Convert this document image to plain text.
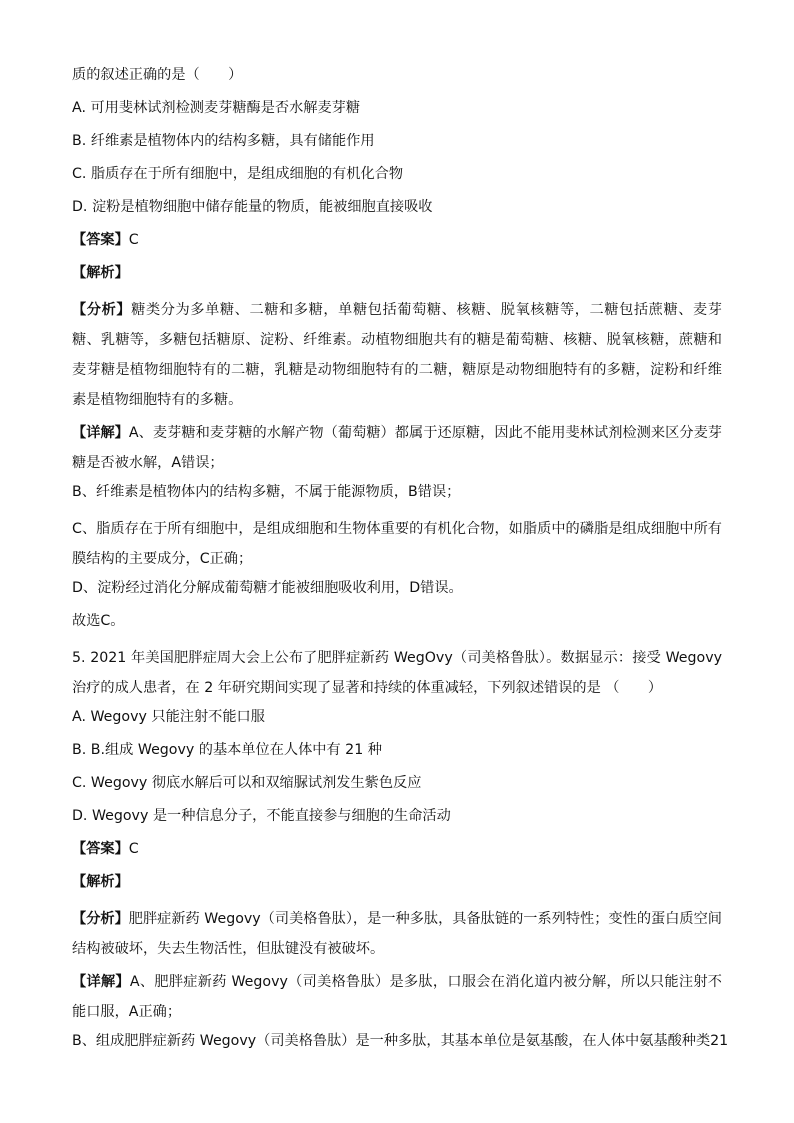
质的叙述正确的是（　　）
A. 可用斐林试剂检测麦芽糖酶是否水解麦芽糖
B. 纤维素是植物体内的结构多糖，具有储能作用
C. 脂质存在于所有细胞中，是组成细胞的有机化合物
D. 淀粉是植物细胞中储存能量的物质，能被细胞直接吸收
【答案】C
【解析】
【分析】糖类分为多单糖、二糖和多糖，单糖包括葡萄糖、核糖、脱氧核糖等，二糖包括蔗糖、麦芽糖、乳糖等，多糖包括糖原、淀粉、纤维素。动植物细胞共有的糖是葡萄糖、核糖、脱氧核糖，蔗糖和麦芽糖是植物细胞特有的二糖，乳糖是动物细胞特有的二糖，糖原是动物细胞特有的多糖，淀粉和纤维素是植物细胞特有的多糖。
【详解】A、麦芽糖和麦芽糖的水解产物（葡萄糖）都属于还原糖，因此不能用斐林试剂检测来区分麦芽糖是否被水解，A错误；
B、纤维素是植物体内的结构多糖，不属于能源物质，B错误；
C、脂质存在于所有细胞中，是组成细胞和生物体重要的有机化合物，如脂质中的磷脂是组成细胞中所有膜结构的主要成分，C正确；
D、淀粉经过消化分解成葡萄糖才能被细胞吸收利用，D错误。
故选C。
5. 2021 年美国肥胖症周大会上公布了肥胖症新药 WegOvy（司美格鲁肽）。数据显示：接受 Wegovy 治疗的成人患者，在 2 年研究期间实现了显著和持续的体重减轻，下列叙述错误的是 （　　）
A. Wegovy 只能注射不能口服
B. B.组成 Wegovy 的基本单位在人体中有 21 种
C. Wegovy 彻底水解后可以和双缩脲试剂发生紫色反应
D. Wegovy 是一种信息分子，不能直接参与细胞的生命活动
【答案】C
【解析】
【分析】肥胖症新药 Wegovy（司美格鲁肽），是一种多肽，具备肽链的一系列特性；变性的蛋白质空间结构被破坏，失去生物活性，但肽键没有被破坏。
【详解】A、肥胖症新药 Wegovy（司美格鲁肽）是多肽，口服会在消化道内被分解，所以只能注射不能口服，A正确；
B、组成肥胖症新药 Wegovy（司美格鲁肽）是一种多肽，其基本单位是氨基酸，在人体中氨基酸种类21
